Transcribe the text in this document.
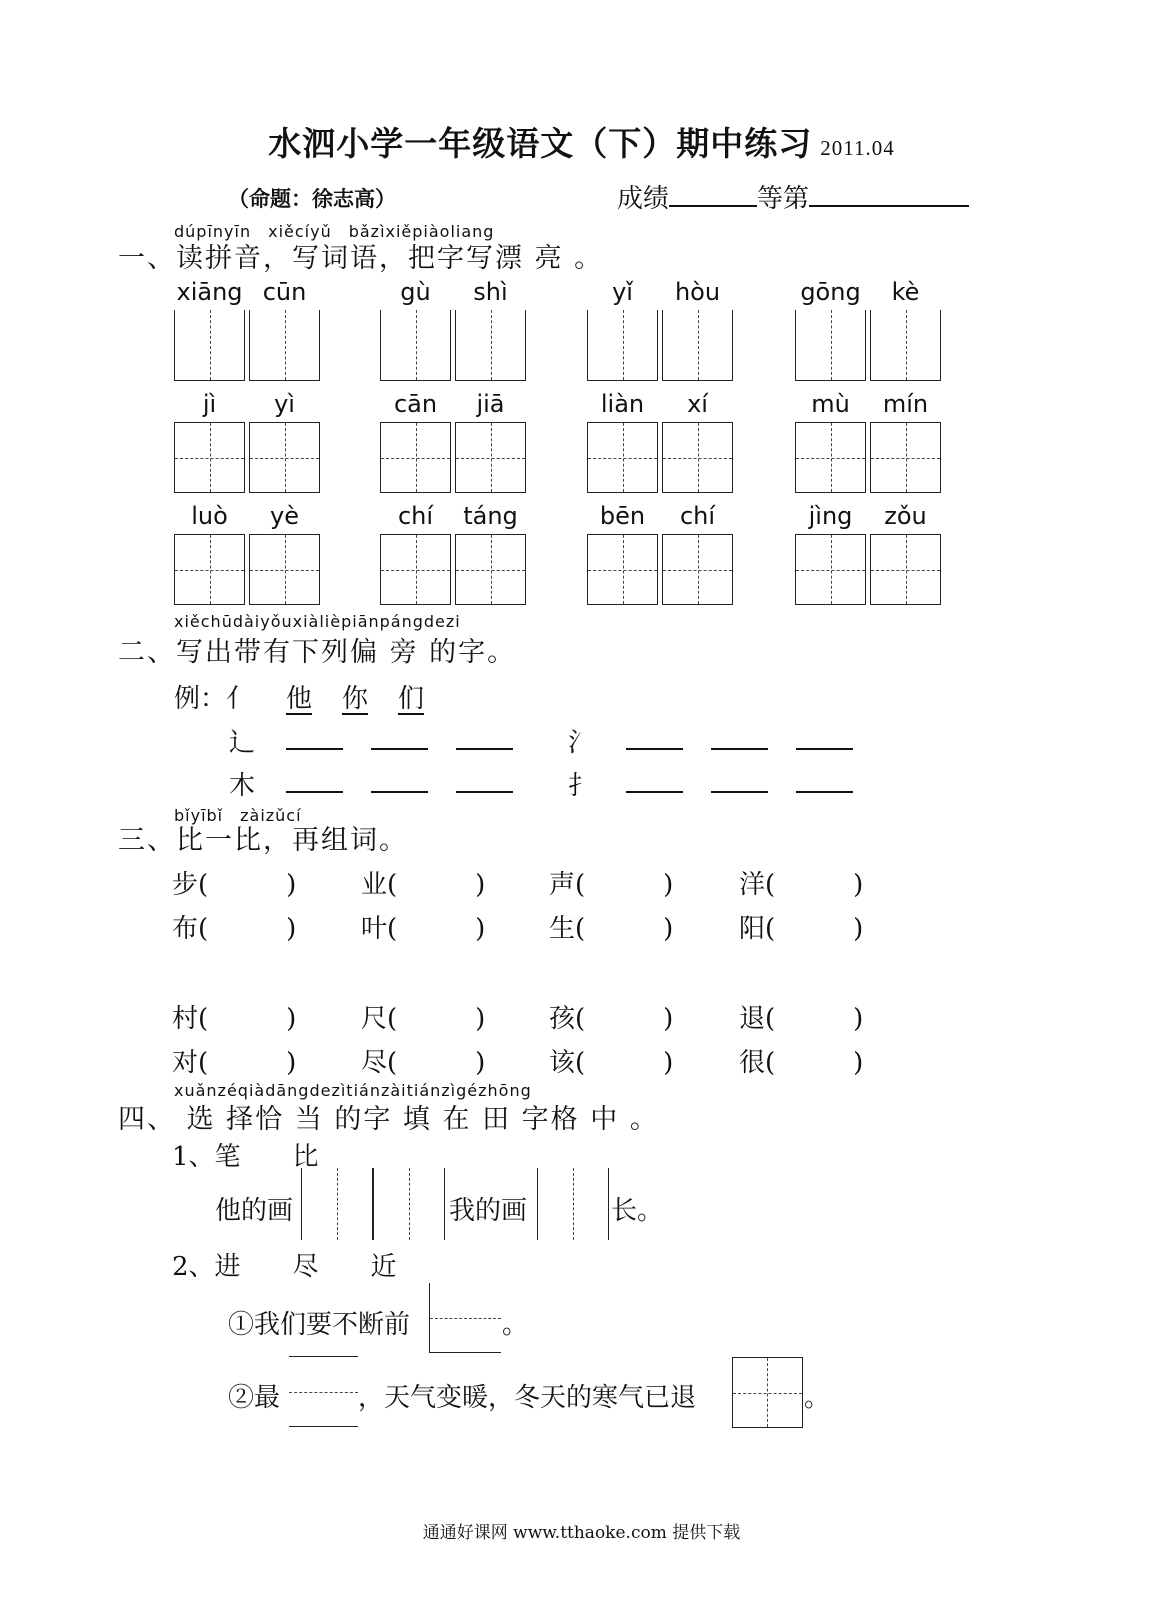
水泗小学一年级语文（下）期中练习 2011.04
（命题：徐志高）	成绩	等第
dúpīnyīn　xiěcíyǔ　bǎzìxiěpiàoliang
一、读拼音，写词语，把字写漂 亮 。
xiāng cūn	gù	shì	yǐ	hòu	gōng	kè
jì	yì	cān	jiā	liàn	xí	mù	mín
luò	yè	chí	táng	bēn	chí	jìng	zǒu
xiěchūdàiyǒuxiàlièpiānpángdezi
二、写出带有下列偏 旁 的字。
例：亻 他 你 们
辶	氵
木	扌
bǐyībǐ　zàizǔcí
三、比一比，再组词。
步(　　　) 业(　　　) 声(　　　)	洋(　　　)
布(　　　) 叶(　　　) 生(　　　)	阳(　　　)
村(　　　) 尺(　　　) 孩(　　　)	退(　　　)
对(　　　) 尽(　　　) 该(　　　)	很(　　　)
xuǎnzéqiàdāngdezìtiánzàitiánzìgézhōng
四、 选 择恰 当 的字 填 在 田 字格 中 。
1、笔　　比
他的画	我的画	长。
2、进　　尽　　近
①我们要不断前	。
②最	，天气变暖，冬天的寒气已退	。
通通好课网 www.tthaoke.com 提供下载
